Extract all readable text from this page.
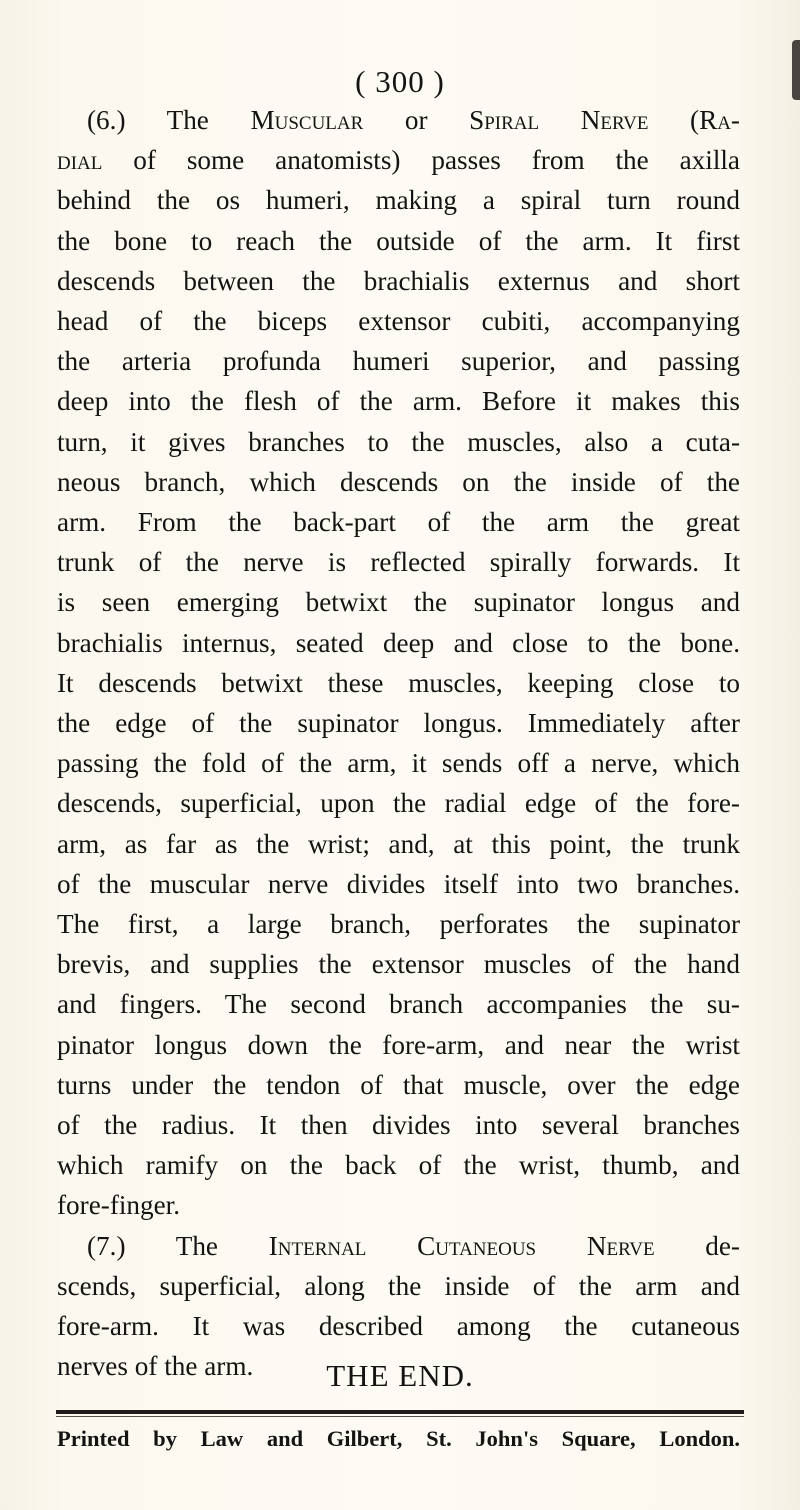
( 300 )
(6.) The Muscular or Spiral Nerve (Ra-
dial of some anatomists) passes from the axilla
behind the os humeri, making a spiral turn round
the bone to reach the outside of the arm. It first
descends between the brachialis externus and short
head of the biceps extensor cubiti, accompanying
the arteria profunda humeri superior, and passing
deep into the flesh of the arm. Before it makes this
turn, it gives branches to the muscles, also a cuta-
neous branch, which descends on the inside of the
arm. From the back-part of the arm the great
trunk of the nerve is reflected spirally forwards. It
is seen emerging betwixt the supinator longus and
brachialis internus, seated deep and close to the bone.
It descends betwixt these muscles, keeping close to
the edge of the supinator longus. Immediately after
passing the fold of the arm, it sends off a nerve, which
descends, superficial, upon the radial edge of the fore-
arm, as far as the wrist; and, at this point, the trunk
of the muscular nerve divides itself into two branches.
The first, a large branch, perforates the supinator
brevis, and supplies the extensor muscles of the hand
and fingers. The second branch accompanies the su-
pinator longus down the fore-arm, and near the wrist
turns under the tendon of that muscle, over the edge
of the radius. It then divides into several branches
which ramify on the back of the wrist, thumb, and
fore-finger.
(7.) The Internal Cutaneous Nerve de-
scends, superficial, along the inside of the arm and
fore-arm. It was described among the cutaneous
nerves of the arm.	THE END.
Printed by Law and Gilbert, St. John's Square, London.
